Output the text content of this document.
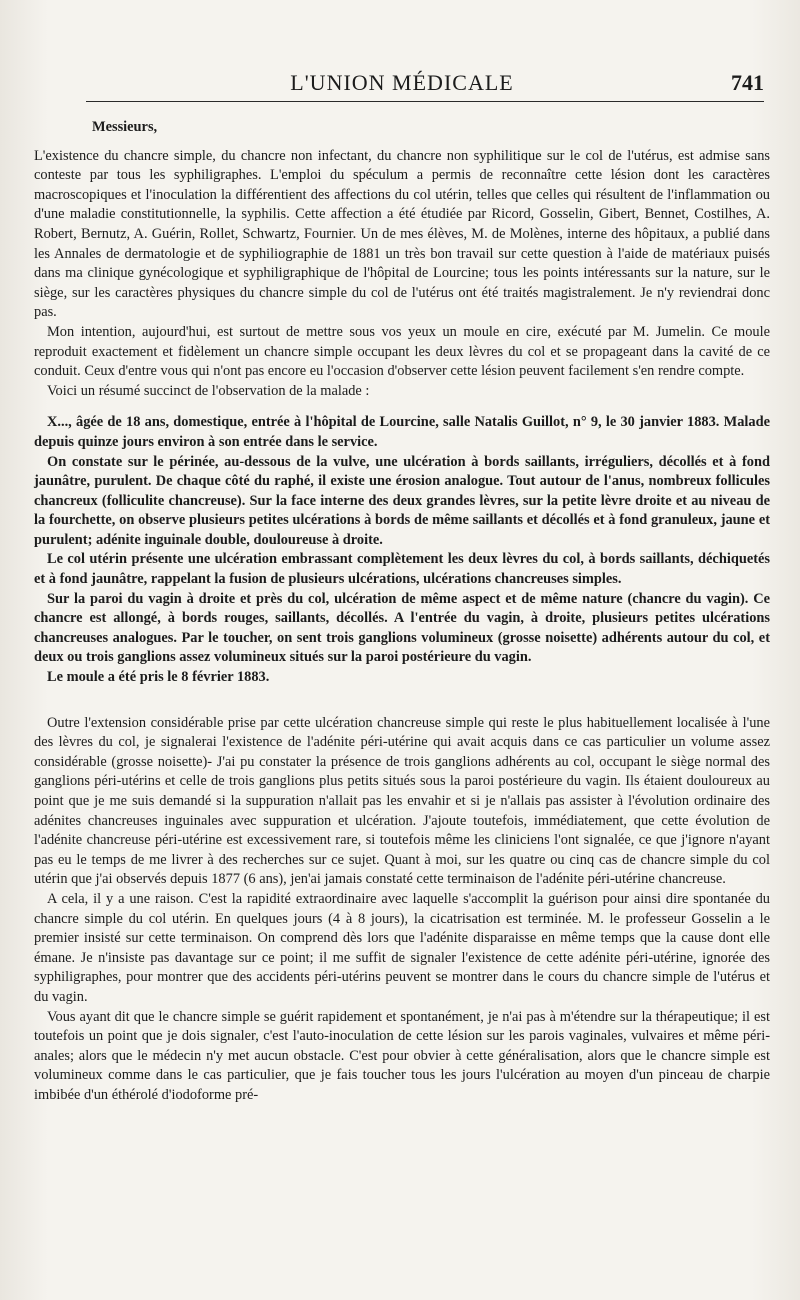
L'UNION MÉDICALE	741

Messieurs,

L'existence du chancre simple, du chancre non infectant, du chancre non syphilitique sur le col de l'utérus, est admise sans conteste par tous les syphiligraphes. L'emploi du spéculum a permis de reconnaître cette lésion dont les caractères macroscopiques et l'inoculation la différentient des affections du col utérin, telles que celles qui résultent de l'inflammation ou d'une maladie constitutionnelle, la syphilis. Cette affection a été étudiée par Ricord, Gosselin, Gibert, Bennet, Costilhes, A. Robert, Bernutz, A. Guérin, Rollet, Schwartz, Fournier. Un de mes élèves, M. de Molènes, interne des hôpitaux, a publié dans les Annales de dermatologie et de syphiliographie de 1881 un très bon travail sur cette question à l'aide de matériaux puisés dans ma clinique gynécologique et syphiligraphique de l'hôpital de Lourcine; tous les points intéressants sur la nature, sur le siège, sur les caractères physiques du chancre simple du col de l'utérus ont été traités magistralement. Je n'y reviendrai donc pas.

Mon intention, aujourd'hui, est surtout de mettre sous vos yeux un moule en cire, exécuté par M. Jumelin. Ce moule reproduit exactement et fidèlement un chancre simple occupant les deux lèvres du col et se propageant dans la cavité de ce conduit. Ceux d'entre vous qui n'ont pas encore eu l'occasion d'observer cette lésion peuvent facilement s'en rendre compte.

Voici un résumé succinct de l'observation de la malade :

X..., âgée de 18 ans, domestique, entrée à l'hôpital de Lourcine, salle Natalis Guillot, n° 9, le 30 janvier 1883. Malade depuis quinze jours environ à son entrée dans le service.

On constate sur le périnée, au-dessous de la vulve, une ulcération à bords saillants, irréguliers, décollés et à fond jaunâtre, purulent. De chaque côté du raphé, il existe une érosion analogue. Tout autour de l'anus, nombreux follicules chancreux (folliculite chancreuse). Sur la face interne des deux grandes lèvres, sur la petite lèvre droite et au niveau de la fourchette, on observe plusieurs petites ulcérations à bords de même saillants et décollés et à fond granuleux, jaune et purulent; adénite inguinale double, douloureuse à droite.

Le col utérin présente une ulcération embrassant complètement les deux lèvres du col, à bords saillants, déchiquetés et à fond jaunâtre, rappelant la fusion de plusieurs ulcérations, ulcérations chancreuses simples.

Sur la paroi du vagin à droite et près du col, ulcération de même aspect et de même nature (chancre du vagin). Ce chancre est allongé, à bords rouges, saillants, décollés. A l'entrée du vagin, à droite, plusieurs petites ulcérations chancreuses analogues. Par le toucher, on sent trois ganglions volumineux (grosse noisette) adhérents autour du col, et deux ou trois ganglions assez volumineux situés sur la paroi postérieure du vagin.

Le moule a été pris le 8 février 1883.

Outre l'extension considérable prise par cette ulcération chancreuse simple qui reste le plus habituellement localisée à l'une des lèvres du col, je signalerai l'existence de l'adénite péri-utérine qui avait acquis dans ce cas particulier un volume assez considérable (grosse noisette)- J'ai pu constater la présence de trois ganglions adhérents au col, occupant le siège normal des ganglions péri-utérins et celle de trois ganglions plus petits situés sous la paroi postérieure du vagin. Ils étaient douloureux au point que je me suis demandé si la suppuration n'allait pas les envahir et si je n'allais pas assister à l'évolution ordinaire des adénites chancreuses inguinales avec suppuration et ulcération. J'ajoute toutefois, immédiatement, que cette évolution de l'adénite chancreuse péri-utérine est excessivement rare, si toutefois même les cliniciens l'ont signalée, ce que j'ignore n'ayant pas eu le temps de me livrer à des recherches sur ce sujet. Quant à moi, sur les quatre ou cinq cas de chancre simple du col utérin que j'ai observés depuis 1877 (6 ans), jen'ai jamais constaté cette terminaison de l'adénite péri-utérine chancreuse.

A cela, il y a une raison. C'est la rapidité extraordinaire avec laquelle s'accomplit la guérison pour ainsi dire spontanée du chancre simple du col utérin. En quelques jours (4 à 8 jours), la cicatrisation est terminée. M. le professeur Gosselin a le premier insisté sur cette terminaison. On comprend dès lors que l'adénite disparaisse en même temps que la cause dont elle émane. Je n'insiste pas davantage sur ce point; il me suffit de signaler l'existence de cette adénite péri-utérine, ignorée des syphiligraphes, pour montrer que des accidents péri-utérins peuvent se montrer dans le cours du chancre simple de l'utérus et du vagin.

Vous ayant dit que le chancre simple se guérit rapidement et spontanément, je n'ai pas à m'étendre sur la thérapeutique; il est toutefois un point que je dois signaler, c'est l'auto-inoculation de cette lésion sur les parois vaginales, vulvaires et même péri-anales; alors que le médecin n'y met aucun obstacle. C'est pour obvier à cette généralisation, alors que le chancre simple est volumineux comme dans le cas particulier, que je fais toucher tous les jours l'ulcération au moyen d'un pinceau de charpie imbibée d'un éthérolé d'iodoforme pré-
